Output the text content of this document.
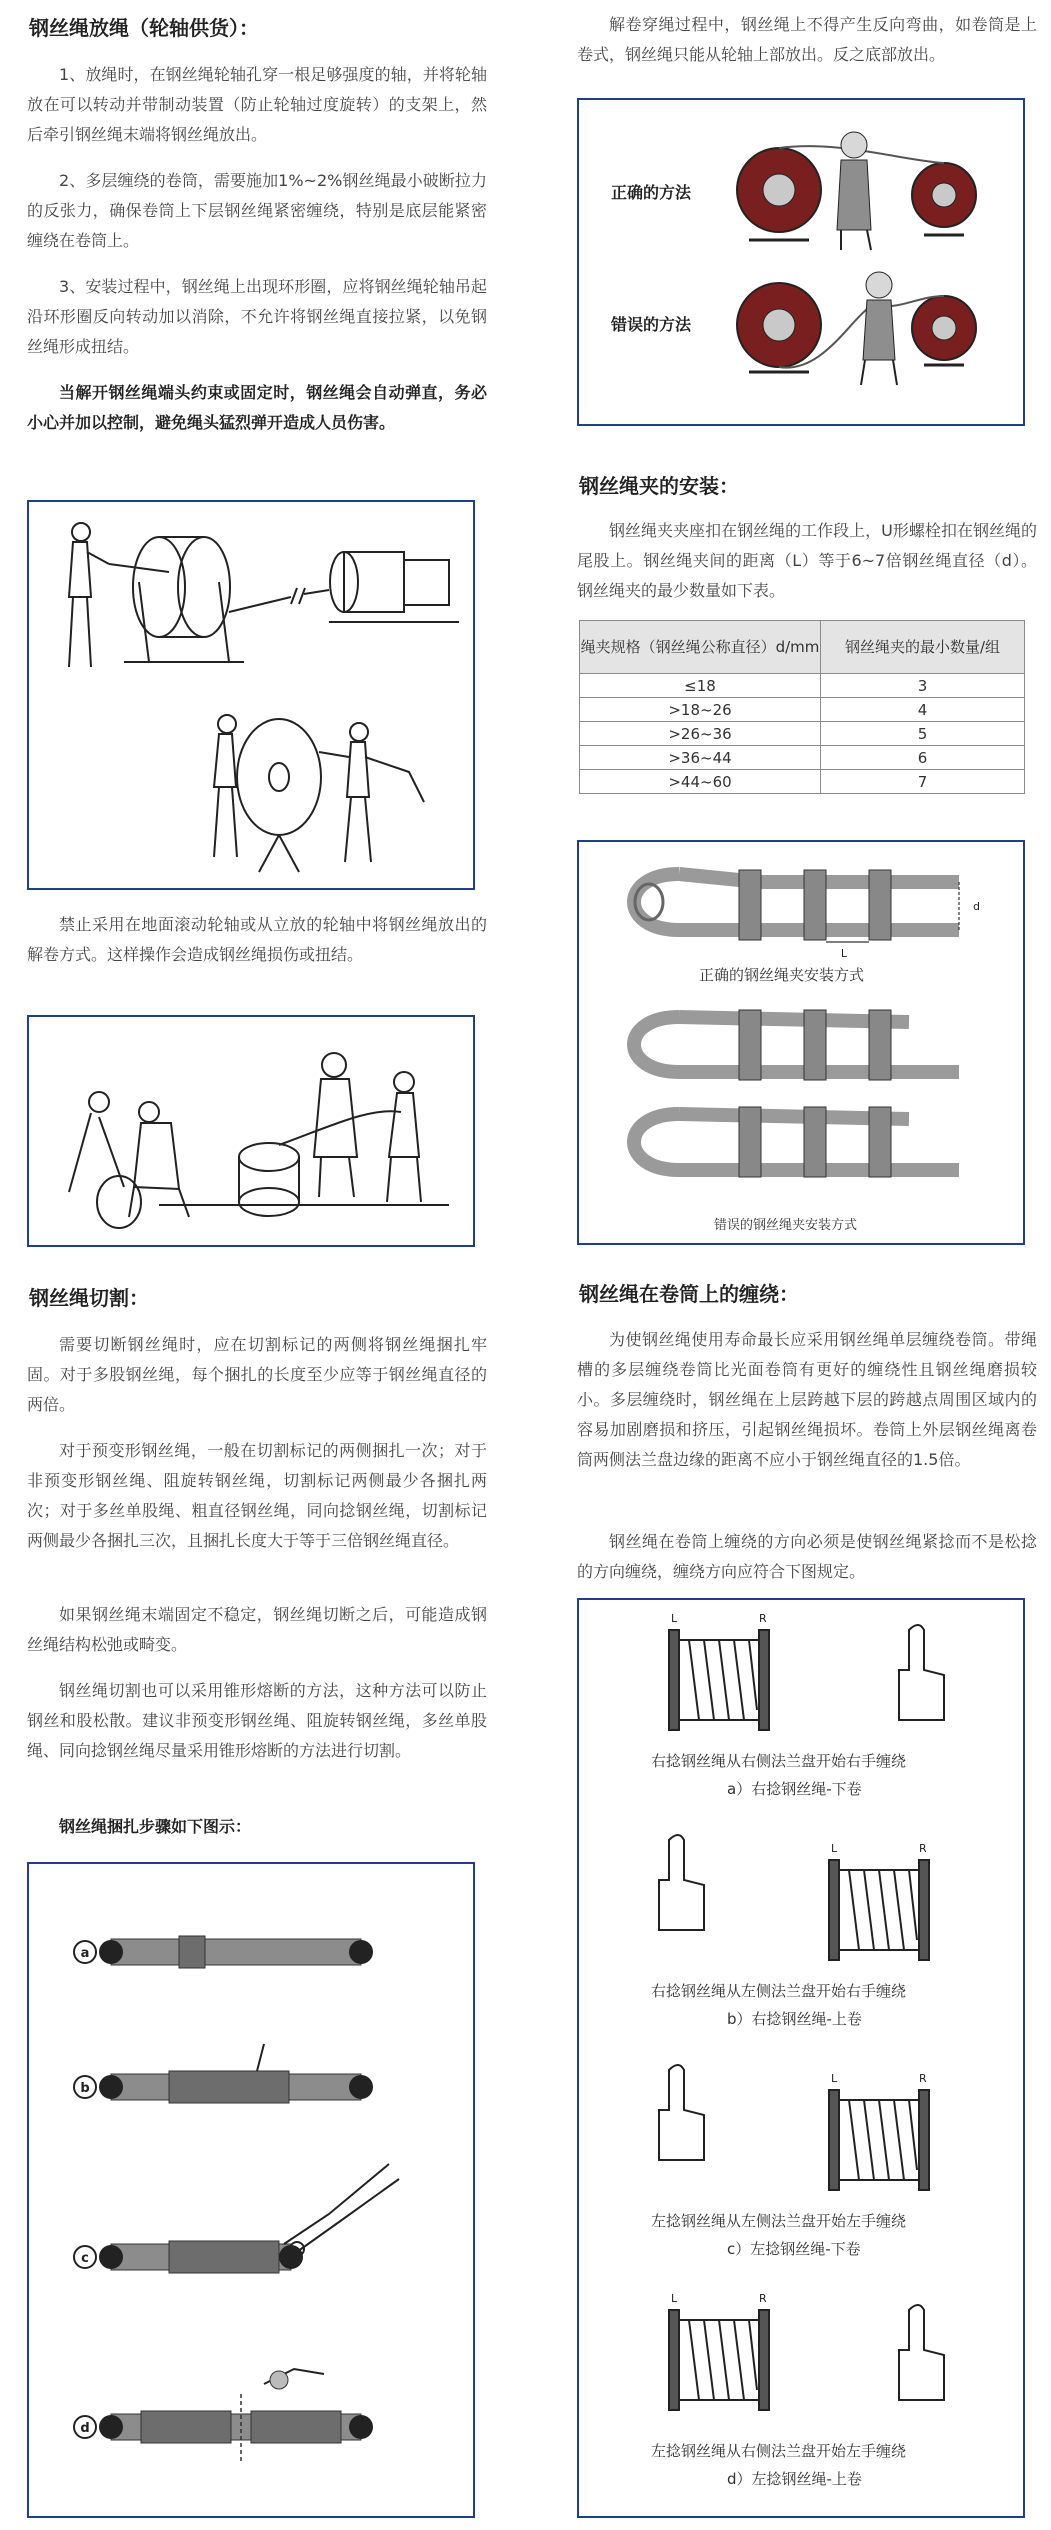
钢丝绳放绳（轮轴供货）：

1、放绳时，在钢丝绳轮轴孔穿一根足够强度的轴，并将轮轴放在可以转动并带制动装置（防止轮轴过度旋转）的支架上，然后牵引钢丝绳末端将钢丝绳放出。

2、多层缠绕的卷筒，需要施加1%~2%钢丝绳最小破断拉力的反张力，确保卷筒上下层钢丝绳紧密缠绕，特别是底层能紧密缠绕在卷筒上。

3、安装过程中，钢丝绳上出现环形圈，应将钢丝绳轮轴吊起沿环形圈反向转动加以消除，不允许将钢丝绳直接拉紧，以免钢丝绳形成扭结。

当解开钢丝绳端头约束或固定时，钢丝绳会自动弹直，务必小心并加以控制，避免绳头猛烈弹开造成人员伤害。

禁止采用在地面滚动轮轴或从立放的轮轴中将钢丝绳放出的解卷方式。这样操作会造成钢丝绳损伤或扭结。

钢丝绳切割：

需要切断钢丝绳时，应在切割标记的两侧将钢丝绳捆扎牢固。对于多股钢丝绳，每个捆扎的长度至少应等于钢丝绳直径的两倍。

对于预变形钢丝绳，一般在切割标记的两侧捆扎一次；对于非预变形钢丝绳、阻旋转钢丝绳，切割标记两侧最少各捆扎两次；对于多丝单股绳、粗直径钢丝绳，同向捻钢丝绳，切割标记两侧最少各捆扎三次，且捆扎长度大于等于三倍钢丝绳直径。

如果钢丝绳末端固定不稳定，钢丝绳切断之后，可能造成钢丝绳结构松弛或畸变。

钢丝绳切割也可以采用锥形熔断的方法，这种方法可以防止钢丝和股松散。建议非预变形钢丝绳、阻旋转钢丝绳，多丝单股绳、同向捻钢丝绳尽量采用锥形熔断的方法进行切割。

钢丝绳捆扎步骤如下图示：

a
b
c
d

解卷穿绳过程中，钢丝绳上不得产生反向弯曲，如卷筒是上卷式，钢丝绳只能从轮轴上部放出。反之底部放出。

正确的方法
错误的方法
钢丝绳夹的安装：

钢丝绳夹夹座扣在钢丝绳的工作段上，U形螺栓扣在钢丝绳的尾股上。钢丝绳夹间的距离（L）等于6~7倍钢丝绳直径（d）。钢丝绳夹的最少数量如下表。

绳夹规格（钢丝绳公称直径）d/mm	钢丝绳夹的最小数量/组
≤18	3
>18~26	4
>26~36	5
>36~44	6
>44~60	7
正确的钢丝绳夹安装方式
错误的钢丝绳夹安装方式
L
d
钢丝绳在卷筒上的缠绕：

为使钢丝绳使用寿命最长应采用钢丝绳单层缠绕卷筒。带绳槽的多层缠绕卷筒比光面卷筒有更好的缠绕性且钢丝绳磨损较小。多层缠绕时，钢丝绳在上层跨越下层的跨越点周围区域内的容易加剧磨损和挤压，引起钢丝绳损坏。卷筒上外层钢丝绳离卷筒两侧法兰盘边缘的距离不应小于钢丝绳直径的1.5倍。

钢丝绳在卷筒上缠绕的方向必须是使钢丝绳紧捻而不是松捻的方向缠绕，缠绕方向应符合下图规定。

L	R
L	R
L	R
L	R
右捻钢丝绳从右侧法兰盘开始右手缠绕
a）右捻钢丝绳-下卷
右捻钢丝绳从左侧法兰盘开始右手缠绕
b）右捻钢丝绳-上卷
左捻钢丝绳从左侧法兰盘开始左手缠绕
c）左捻钢丝绳-下卷
左捻钢丝绳从右侧法兰盘开始左手缠绕
d）左捻钢丝绳-上卷
